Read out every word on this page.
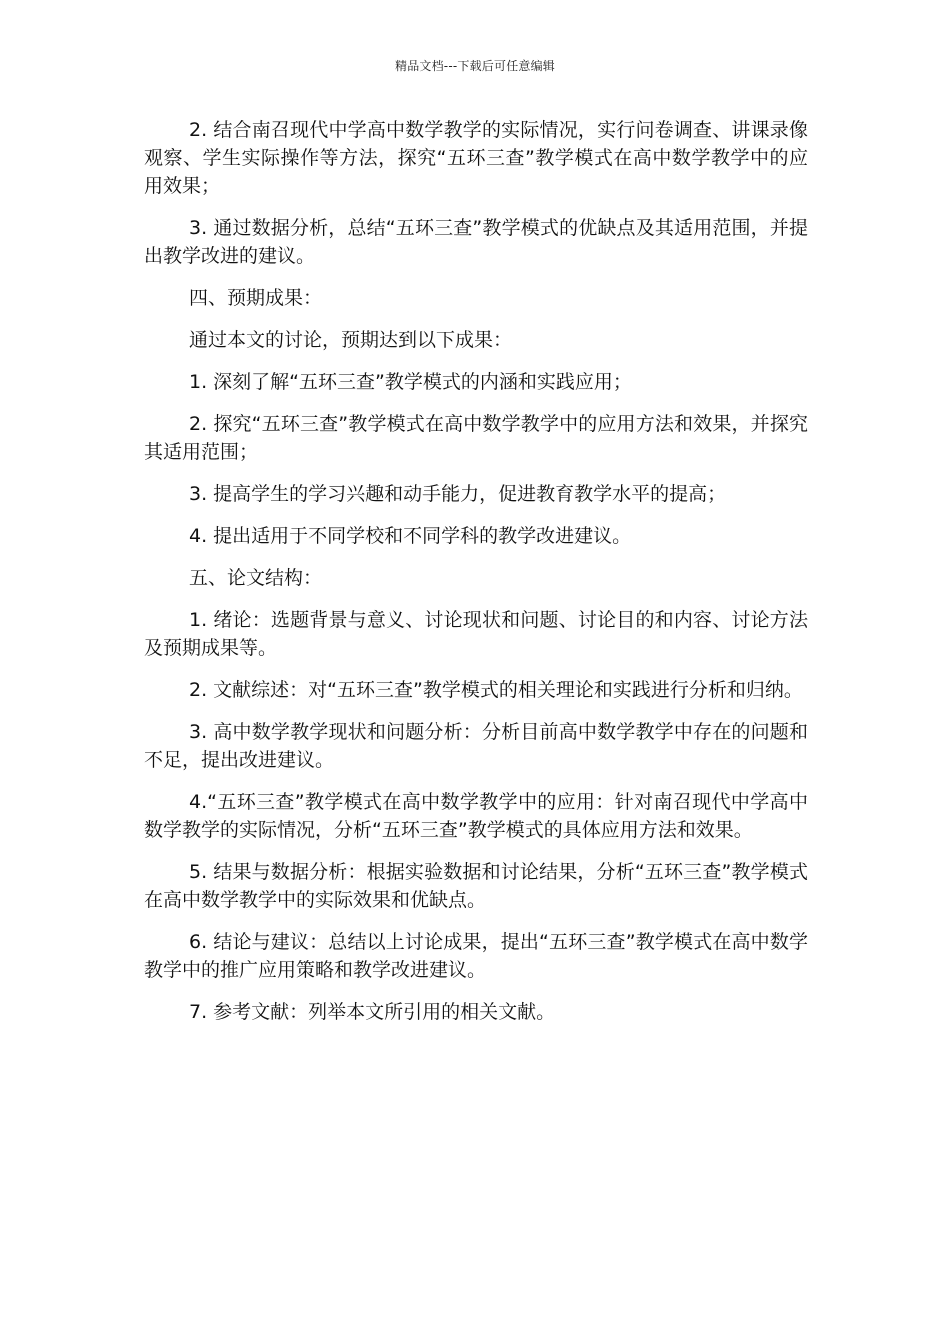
精品文档---下载后可任意编辑

2. 结合南召现代中学高中数学教学的实际情况，实行问卷调查、讲课录像观察、学生实际操作等方法，探究“五环三查”教学模式在高中数学教学中的应用效果；

3. 通过数据分析，总结“五环三查”教学模式的优缺点及其适用范围，并提出教学改进的建议。

四、预期成果：

通过本文的讨论，预期达到以下成果：

1. 深刻了解“五环三查”教学模式的内涵和实践应用；

2. 探究“五环三查”教学模式在高中数学教学中的应用方法和效果，并探究其适用范围；

3. 提高学生的学习兴趣和动手能力，促进教育教学水平的提高；

4. 提出适用于不同学校和不同学科的教学改进建议。

五、论文结构：

1. 绪论：选题背景与意义、讨论现状和问题、讨论目的和内容、讨论方法及预期成果等。

2. 文献综述：对“五环三查”教学模式的相关理论和实践进行分析和归纳。

3. 高中数学教学现状和问题分析：分析目前高中数学教学中存在的问题和不足，提出改进建议。

4.“五环三查”教学模式在高中数学教学中的应用：针对南召现代中学高中数学教学的实际情况，分析“五环三查”教学模式的具体应用方法和效果。

5. 结果与数据分析：根据实验数据和讨论结果，分析“五环三查”教学模式在高中数学教学中的实际效果和优缺点。

6. 结论与建议：总结以上讨论成果，提出“五环三查”教学模式在高中数学教学中的推广应用策略和教学改进建议。

7. 参考文献：列举本文所引用的相关文献。
